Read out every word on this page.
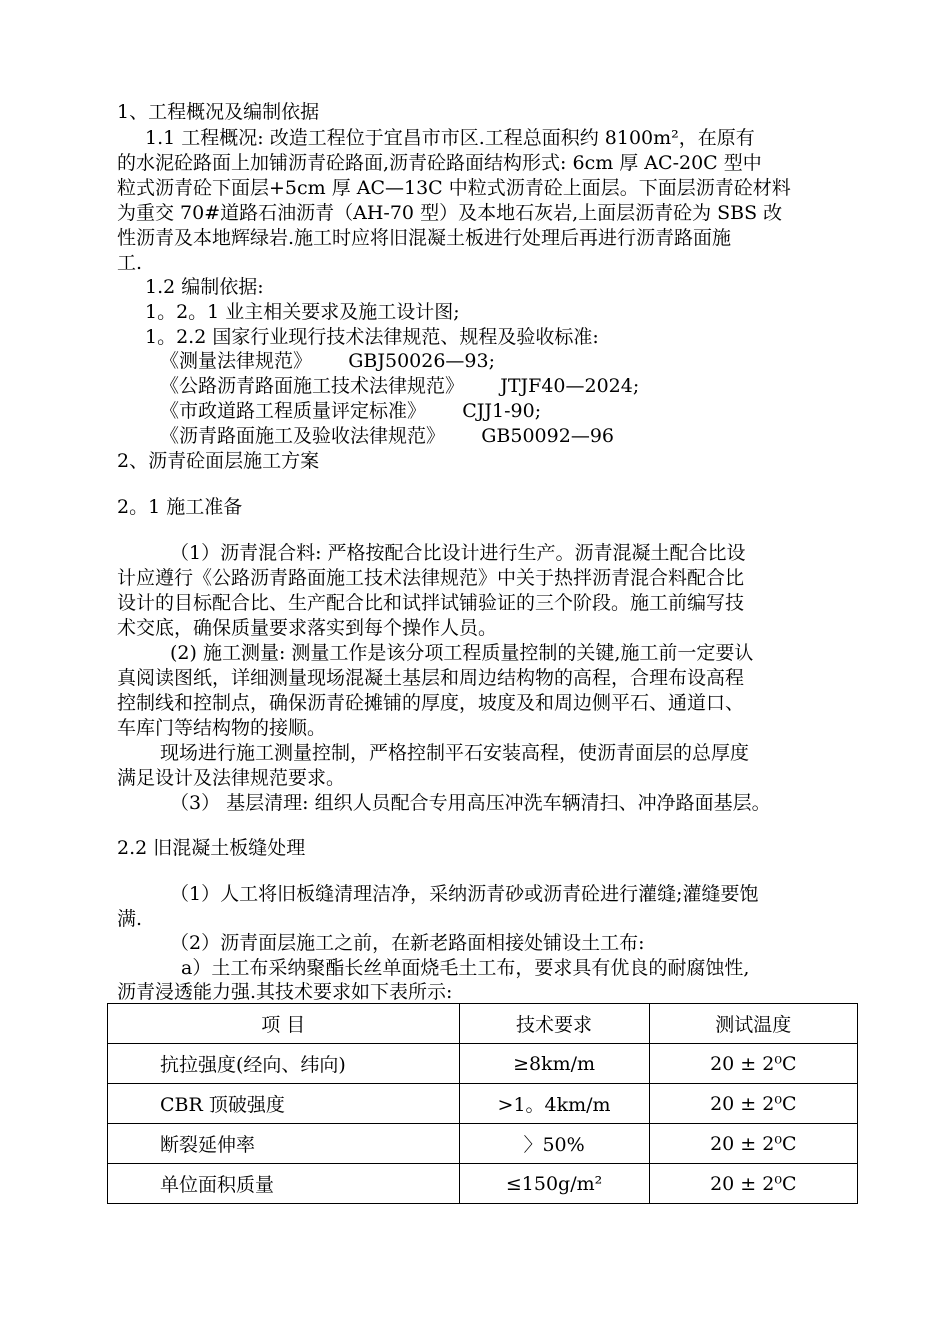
1、工程概况及编制依据
1.1 工程概况: 改造工程位于宜昌市市区.工程总面积约 8100m²，在原有
的水泥砼路面上加铺沥青砼路面,沥青砼路面结构形式: 6cm 厚 AC-20C 型中
粒式沥青砼下面层+5cm 厚 AC—13C 中粒式沥青砼上面层。下面层沥青砼材料
为重交 70#道路石油沥青（AH-70 型）及本地石灰岩,上面层沥青砼为 SBS 改
性沥青及本地辉绿岩.施工时应将旧混凝土板进行处理后再进行沥青路面施
工.
1.2 编制依据:
1。2。1 业主相关要求及施工设计图;
1。2.2 国家行业现行技术法律规范、规程及验收标准:
《测量法律规范》      GBJ50026—93;
《公路沥青路面施工技术法律规范》      JTJF40—2024;
《市政道路工程质量评定标准》      CJJ1-90;
《沥青路面施工及验收法律规范》      GB50092—96
2、沥青砼面层施工方案
2。1 施工准备
（1）沥青混合料: 严格按配合比设计进行生产。沥青混凝土配合比设
计应遵行《公路沥青路面施工技术法律规范》中关于热拌沥青混合料配合比
设计的目标配合比、生产配合比和试拌试铺验证的三个阶段。施工前编写技
术交底，确保质量要求落实到每个操作人员。
(2) 施工测量: 测量工作是该分项工程质量控制的关键,施工前一定要认
真阅读图纸，详细测量现场混凝土基层和周边结构物的高程，合理布设高程
控制线和控制点，确保沥青砼摊铺的厚度，坡度及和周边侧平石、通道口、
车库门等结构物的接顺。
现场进行施工测量控制，严格控制平石安装高程，使沥青面层的总厚度
满足设计及法律规范要求。
（3） 基层清理: 组织人员配合专用高压冲洗车辆清扫、冲净路面基层。
2.2 旧混凝土板缝处理
（1）人工将旧板缝清理洁净，采纳沥青砂或沥青砼进行灌缝;灌缝要饱
满.
（2）沥青面层施工之前，在新老路面相接处铺设土工布:
a）土工布采纳聚酯长丝单面烧毛土工布，要求具有优良的耐腐蚀性,
沥青浸透能力强.其技术要求如下表所示:
项 目	技术要求	测试温度
抗拉强度(经向、纬向)	≥8km/m	20 ± 2⁰C
CBR 顶破强度	>1。4km/m	20 ± 2⁰C
断裂延伸率	〉50%	20 ± 2⁰C
单位面积质量	≤150g/m²	20 ± 2⁰C
